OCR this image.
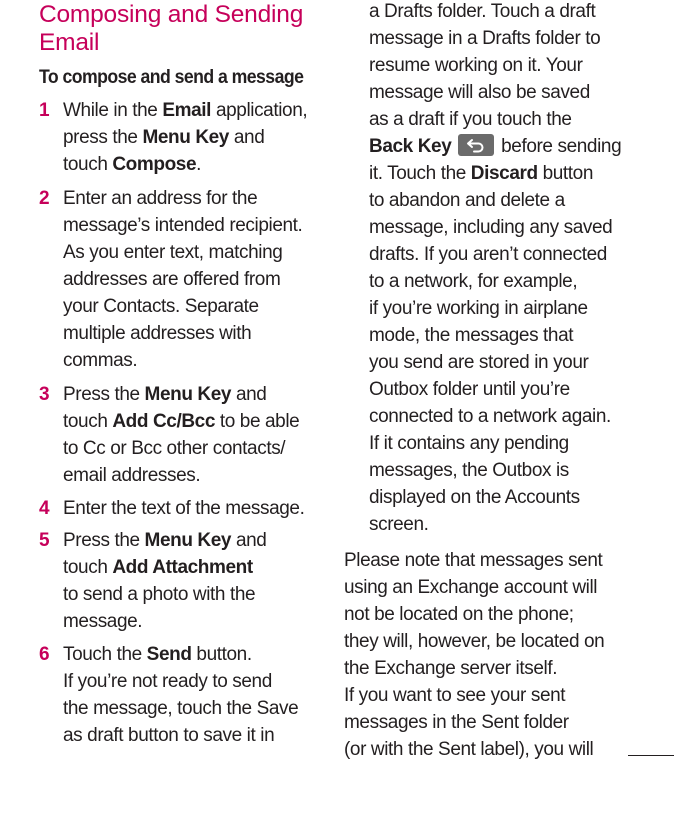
Composing and Sending
Email
To compose and send a message
1 While in the Email application,
press the Menu Key and
touch Compose.
2 Enter an address for the
message’s intended recipient.
As you enter text, matching
addresses are offered from
your Contacts. Separate
multiple addresses with
commas.
3 Press the Menu Key and
touch Add Cc/Bcc to be able
to Cc or Bcc other contacts/
email addresses.
4 Enter the text of the message.
5 Press the Menu Key and
touch Add Attachment
to send a photo with the
message.
6 Touch the Send button.
If you’re not ready to send
the message, touch the Save
as draft button to save it in
a Drafts folder. Touch a draft
message in a Drafts folder to
resume working on it. Your
message will also be saved
as a draft if you touch the
Back Key
before sending
it. Touch the Discard button
to abandon and delete a
message, including any saved
drafts. If you aren’t connected
to a network, for example,
if you’re working in airplane
mode, the messages that
you send are stored in your
Outbox folder until you’re
connected to a network again.
If it contains any pending
messages, the Outbox is
displayed on the Accounts
screen.
Please note that messages sent
using an Exchange account will
not be located on the phone;
they will, however, be located on
the Exchange server itself.
If you want to see your sent
messages in the Sent folder
(or with the Sent label), you will
